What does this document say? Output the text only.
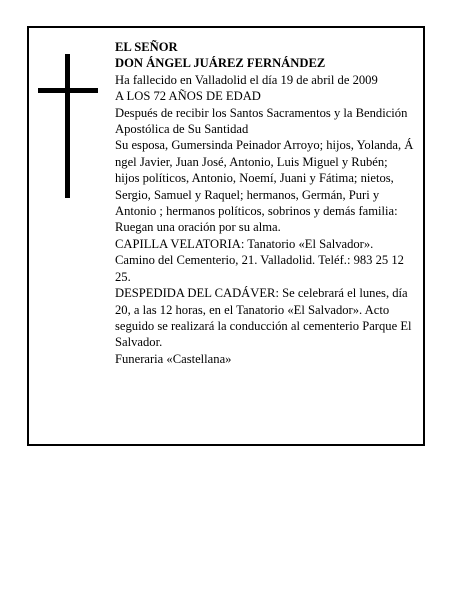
EL SEÑOR

DON ÁNGEL JUÁREZ FERNÁNDEZ

Ha fallecido en Valladolid el día 19 de abril de 2009

A LOS 72 AÑOS DE EDAD

Después de recibir los Santos Sacramentos y la Bendición Apostólica de Su Santidad

Su esposa, Gumersinda Peinador Arroyo; hijos, Yolanda, Á ngel Javier, Juan José, Antonio, Luis Miguel y Rubén; hijos políticos, Antonio, Noemí, Juani y Fátima; nietos, Sergio, Samuel y Raquel; hermanos, Germán, Puri y Antonio ; hermanos políticos, sobrinos y demás familia:

Ruegan una oración por su alma.

CAPILLA VELATORIA: Tanatorio «El Salvador». Camino del Cementerio, 21. Valladolid. Teléf.: 983 25 12 25.

DESPEDIDA DEL CADÁVER: Se celebrará el lunes, día 20, a las 12 horas, en el Tanatorio «El Salvador». Acto seguido se realizará la conducción al cementerio Parque El Salvador.

Funeraria «Castellana»
